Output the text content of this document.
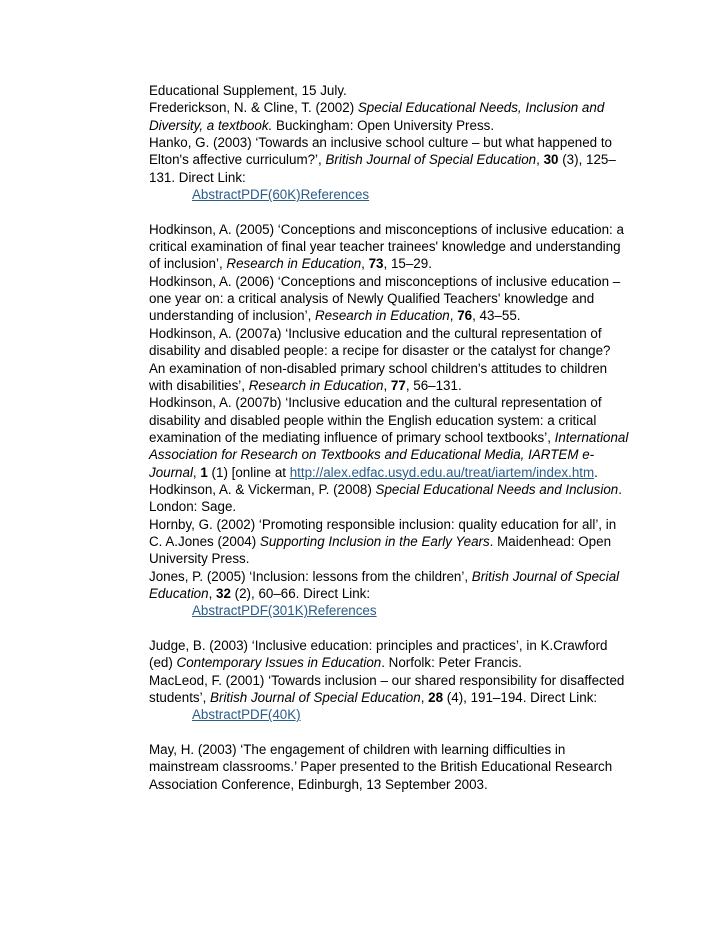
Educational Supplement, 15 July.

Frederickson, N. & Cline, T. (2002) Special Educational Needs, Inclusion and Diversity, a textbook. Buckingham: Open University Press.

Hanko, G. (2003) ‘Towards an inclusive school culture – but what happened to Elton's affective curriculum?’, British Journal of Special Education, 30 (3), 125–131. Direct Link:

AbstractPDF(60K)References

Hodkinson, A. (2005) ‘Conceptions and misconceptions of inclusive education: a critical examination of final year teacher trainees' knowledge and understanding of inclusion’, Research in Education, 73, 15–29.

Hodkinson, A. (2006) ‘Conceptions and misconceptions of inclusive education – one year on: a critical analysis of Newly Qualified Teachers' knowledge and understanding of inclusion’, Research in Education, 76, 43–55.

Hodkinson, A. (2007a) ‘Inclusive education and the cultural representation of disability and disabled people: a recipe for disaster or the catalyst for change? An examination of non-disabled primary school children's attitudes to children with disabilities’, Research in Education, 77, 56–131.

Hodkinson, A. (2007b) ‘Inclusive education and the cultural representation of disability and disabled people within the English education system: a critical examination of the mediating influence of primary school textbooks’, International Association for Research on Textbooks and Educational Media, IARTEM e-Journal, 1 (1) [online at http://alex.edfac.usyd.edu.au/treat/iartem/index.htm.

Hodkinson, A. & Vickerman, P. (2008) Special Educational Needs and Inclusion. London: Sage.

Hornby, G. (2002) ‘Promoting responsible inclusion: quality education for all’, in C. A.Jones (2004) Supporting Inclusion in the Early Years. Maidenhead: Open University Press.

Jones, P. (2005) ‘Inclusion: lessons from the children’, British Journal of Special Education, 32 (2), 60–66. Direct Link:

AbstractPDF(301K)References

Judge, B. (2003) ‘Inclusive education: principles and practices’, in K.Crawford (ed) Contemporary Issues in Education. Norfolk: Peter Francis.

MacLeod, F. (2001) ‘Towards inclusion – our shared responsibility for disaffected students’, British Journal of Special Education, 28 (4), 191–194. Direct Link:

AbstractPDF(40K)

May, H. (2003) ‘The engagement of children with learning difficulties in mainstream classrooms.’ Paper presented to the British Educational Research Association Conference, Edinburgh, 13 September 2003.
